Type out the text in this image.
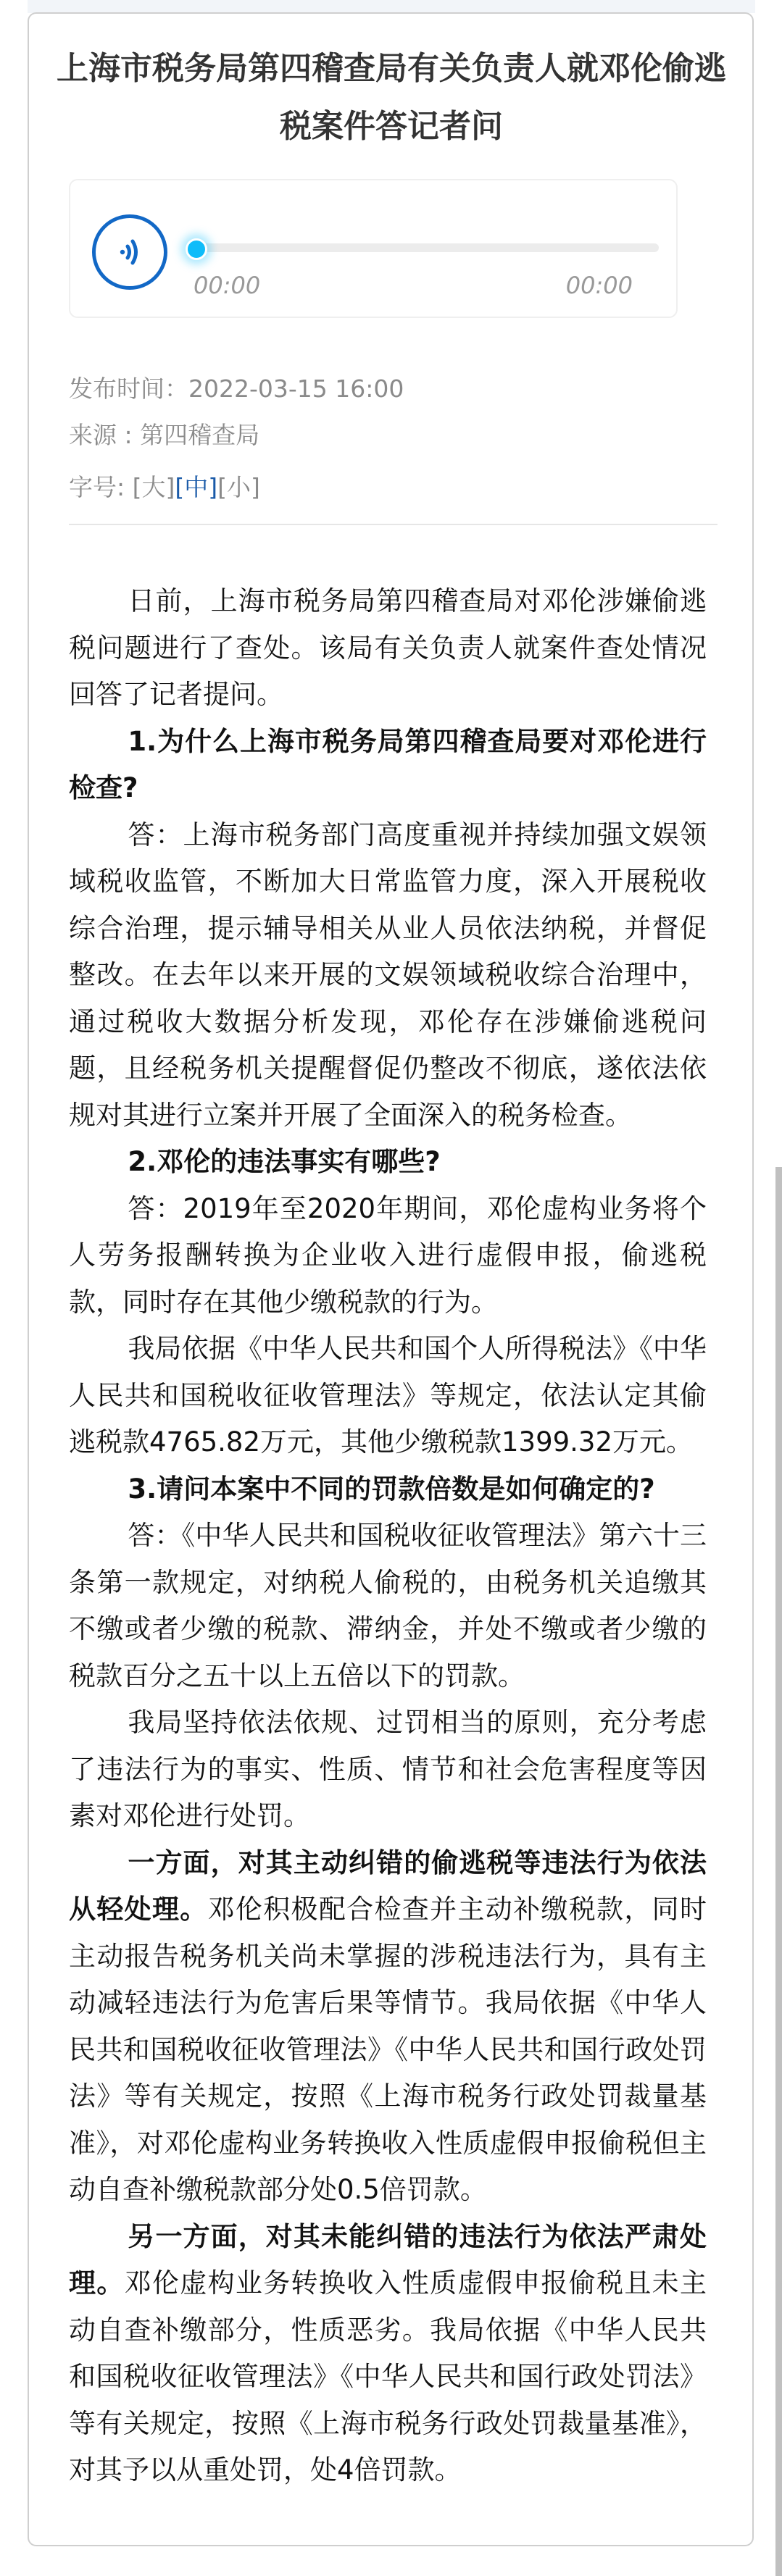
上海市税务局第四稽查局有关负责人就邓伦偷逃税案件答记者问
00:00	00:00
发布时间：2022-03-15 16:00
来源 : 第四稽查局
字号: [大][中][小]

日前，上海市税务局第四稽查局对邓伦涉嫌偷逃税问题进行了查处。该局有关负责人就案件查处情况回答了记者提问。

1.为什么上海市税务局第四稽查局要对邓伦进行检查?

答：上海市税务部门高度重视并持续加强文娱领域税收监管，不断加大日常监管力度，深入开展税收综合治理，提示辅导相关从业人员依法纳税，并督促整改。在去年以来开展的文娱领域税收综合治理中，通过税收大数据分析发现，邓伦存在涉嫌偷逃税问题，且经税务机关提醒督促仍整改不彻底，遂依法依规对其进行立案并开展了全面深入的税务检查。

2.邓伦的违法事实有哪些?

答：2019年至2020年期间，邓伦虚构业务将个人劳务报酬转换为企业收入进行虚假申报，偷逃税款，同时存在其他少缴税款的行为。

我局依据《中华人民共和国个人所得税法》《中华人民共和国税收征收管理法》等规定，依法认定其偷逃税款4765.82万元，其他少缴税款1399.32万元。

3.请问本案中不同的罚款倍数是如何确定的?

答：《中华人民共和国税收征收管理法》第六十三条第一款规定，对纳税人偷税的，由税务机关追缴其不缴或者少缴的税款、滞纳金，并处不缴或者少缴的税款百分之五十以上五倍以下的罚款。

我局坚持依法依规、过罚相当的原则，充分考虑了违法行为的事实、性质、情节和社会危害程度等因素对邓伦进行处罚。

一方面，对其主动纠错的偷逃税等违法行为依法从轻处理。邓伦积极配合检查并主动补缴税款，同时主动报告税务机关尚未掌握的涉税违法行为，具有主动减轻违法行为危害后果等情节。我局依据《中华人民共和国税收征收管理法》《中华人民共和国行政处罚法》等有关规定，按照《上海市税务行政处罚裁量基准》，对邓伦虚构业务转换收入性质虚假申报偷税但主动自查补缴税款部分处0.5倍罚款。

另一方面，对其未能纠错的违法行为依法严肃处理。邓伦虚构业务转换收入性质虚假申报偷税且未主动自查补缴部分，性质恶劣。我局依据《中华人民共和国税收征收管理法》《中华人民共和国行政处罚法》等有关规定，按照《上海市税务行政处罚裁量基准》，对其予以从重处罚，处4倍罚款。
